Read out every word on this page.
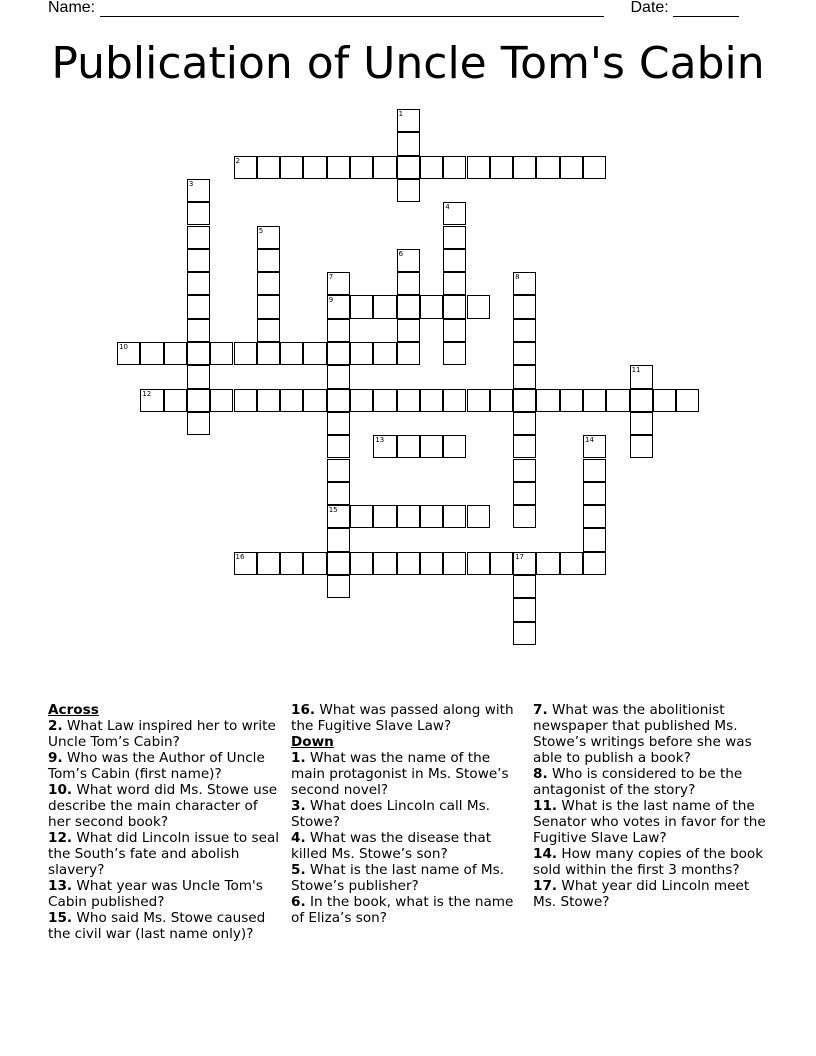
Name:	Date:
Publication of Uncle Tom's Cabin
1
2
3
4
5
6
7
9
15
8
10
11
12
13	14
16	17

Across

2. What Law inspired her to write Uncle Tom’s Cabin?

9. Who was the Author of Uncle Tom’s Cabin (first name)?

10. What word did Ms. Stowe use describe the main character of her second book?

12. What did Lincoln issue to seal the South’s fate and abolish slavery?

13. What year was Uncle Tom's Cabin published?

15. Who said Ms. Stowe caused the civil war (last name only)?

16. What was passed along with the Fugitive Slave Law?

Down

1. What was the name of the main protagonist in Ms. Stowe’s second novel?

3. What does Lincoln call Ms. Stowe?

4. What was the disease that killed Ms. Stowe’s son?

5. What is the last name of Ms. Stowe’s publisher?

6. In the book, what is the name of Eliza’s son?

7. What was the abolitionist newspaper that published Ms. Stowe’s writings before she was able to publish a book?

8. Who is considered to be the antagonist of the story?

11. What is the last name of the Senator who votes in favor for the Fugitive Slave Law?

14. How many copies of the book sold within the first 3 months?

17. What year did Lincoln meet Ms. Stowe?
